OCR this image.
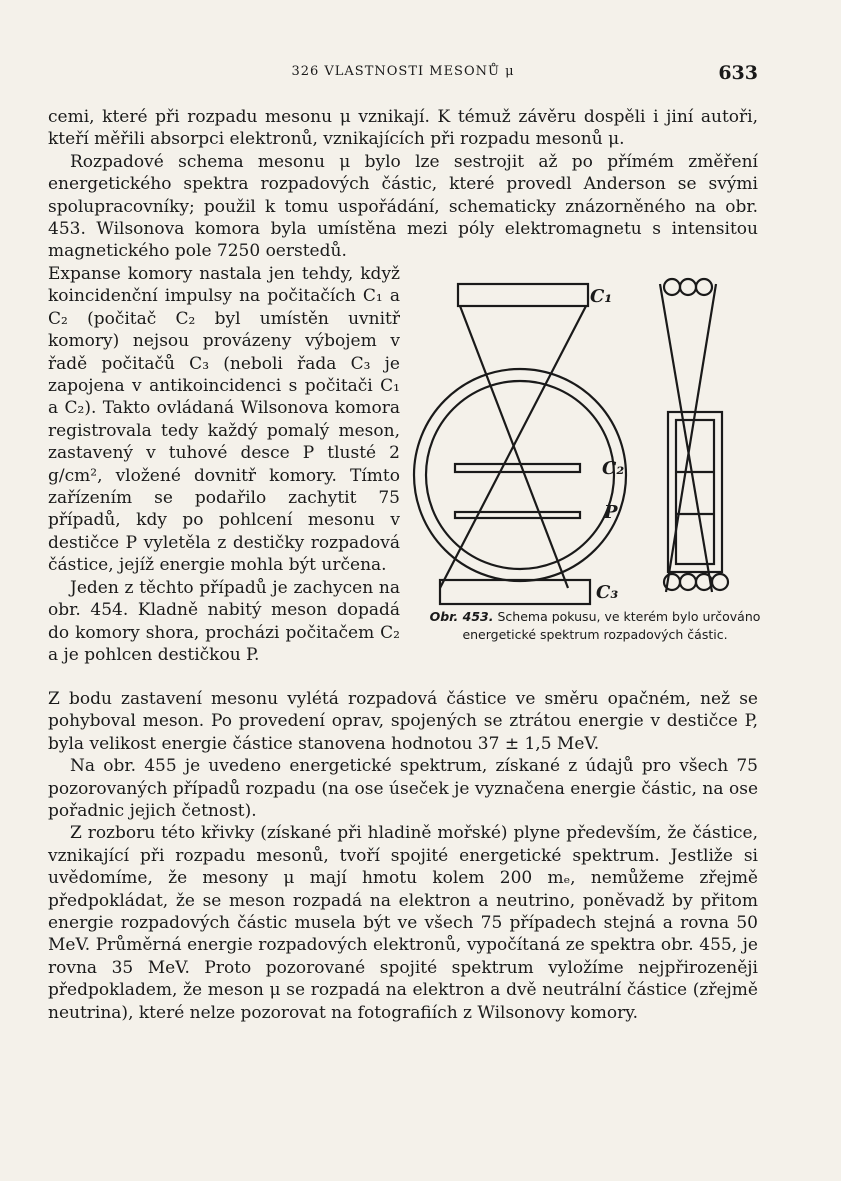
326 VLASTNOSTI MESONŮ μ	633

cemi, které při rozpadu mesonu μ vznikají. K témuž závěru dospěli i jiní autoři, kteří měřili absorpci elektronů, vznikajících při rozpadu mesonů μ.

Rozpadové schema mesonu μ bylo lze sestrojit až po přímém změření energetického spektra rozpadových částic, které provedl Anderson se svými spolupracovníky; použil k tomu uspořádání, schematicky znázorněného na obr. 453. Wilsonova komora byla umístěna mezi póly elektromagnetu s intensitou magnetického pole 7250 oerstedů.

Expanse komory nastala jen tehdy, když koincidenční impulsy na počitačích C₁ a C₂ (počitač C₂ byl umístěn uvnitř komory) nejsou provázeny výbojem v řadě počitačů C₃ (neboli řada C₃ je zapojena v antikoincidenci s počitači C₁ a C₂). Takto ovládaná Wilsonova komora registrovala tedy každý pomalý meson, zastavený v tuhové desce P tlusté 2 g/cm², vložené dovnitř komory. Tímto zařízením se podařilo zachytit 75 případů, kdy po pohlcení mesonu v destičce P vyletěla z destičky rozpadová částice, jejíž energie mohla být určena.

Jeden z těchto případů je zachycen na obr. 454. Kladně nabitý meson dopadá do komory shora, procházi počitačem C₂ a je pohlcen destičkou P.

C₁
C₂
P
C₃
Obr. 453. Schema pokusu, ve kterém bylo určováno energetické spektrum rozpadových částic.

Z bodu zastavení mesonu vylétá rozpadová částice ve směru opačném, než se pohyboval meson. Po provedení oprav, spojených se ztrátou energie v destičce P, byla velikost energie částice stanovena hodnotou 37 ± 1,5 MeV.

Na obr. 455 je uvedeno energetické spektrum, získané z údajů pro všech 75 pozorovaných případů rozpadu (na ose úseček je vyznačena energie částic, na ose pořadnic jejich četnost).

Z rozboru této křivky (získané při hladině mořské) plyne především, že částice, vznikající při rozpadu mesonů, tvoří spojité energetické spektrum. Jestliže si uvědomíme, že mesony μ mají hmotu kolem 200 mₑ, nemůžeme zřejmě předpokládat, že se meson rozpadá na elektron a neutrino, poněvadž by přitom energie rozpadových částic musela být ve všech 75 případech stejná a rovna 50 MeV. Průměrná energie rozpadových elektronů, vypočítaná ze spektra obr. 455, je rovna 35 MeV. Proto pozorované spojité spektrum vyložíme nejpřirozeněji předpokladem, že meson μ se rozpadá na elektron a dvě neutrální částice (zřejmě neutrina), které nelze pozorovat na fotografiích z Wilsonovy komory.
